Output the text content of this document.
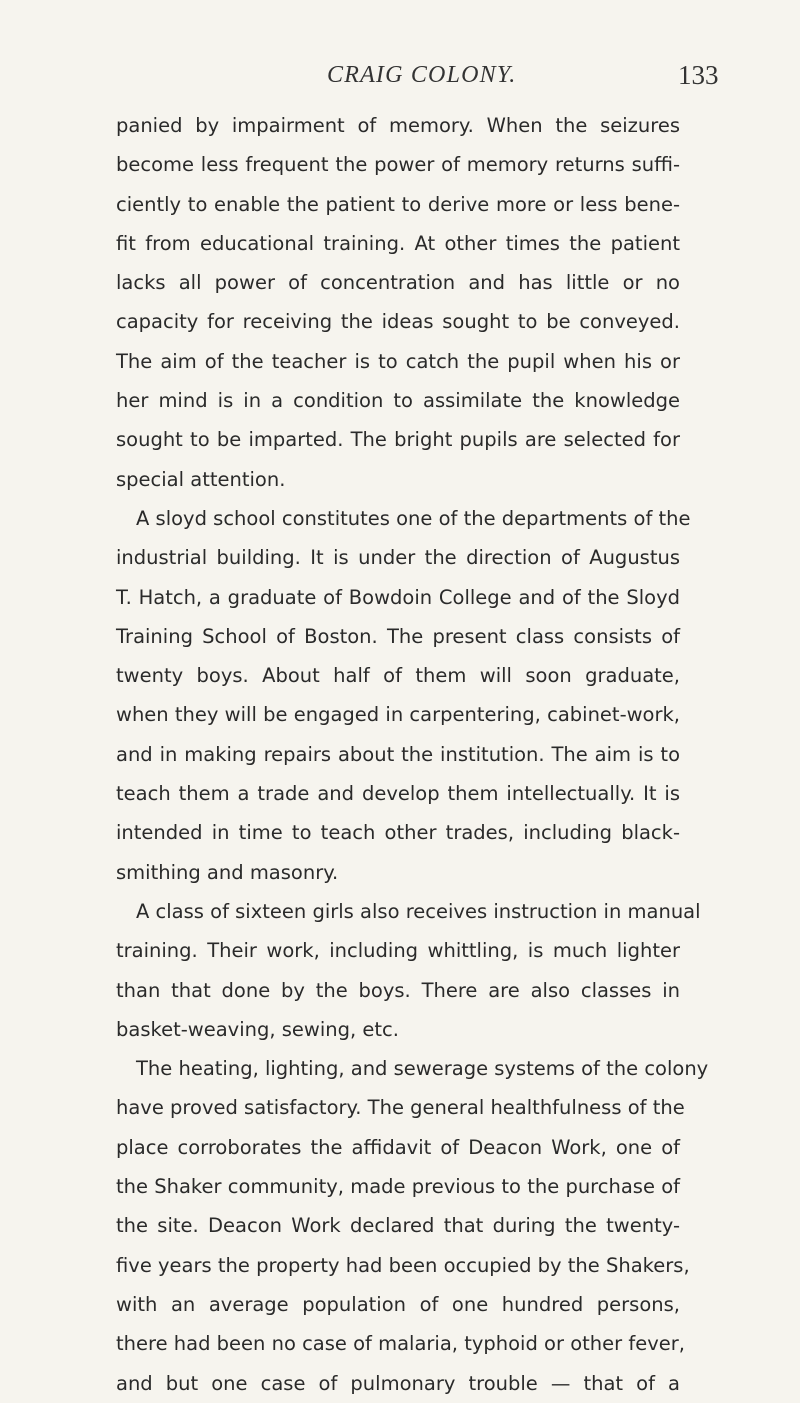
CRAIG COLONY.	133
panied by impairment of memory. When the seizures
become less frequent the power of memory returns suffi-
ciently to enable the patient to derive more or less bene-
fit from educational training. At other times the patient
lacks all power of concentration and has little or no
capacity for receiving the ideas sought to be conveyed.
The aim of the teacher is to catch the pupil when his or
her mind is in a condition to assimilate the knowledge
sought to be imparted. The bright pupils are selected for
special attention.
A sloyd school constitutes one of the departments of the
industrial building. It is under the direction of Augustus
T. Hatch, a graduate of Bowdoin College and of the Sloyd
Training School of Boston. The present class consists of
twenty boys. About half of them will soon graduate,
when they will be engaged in carpentering, cabinet-work,
and in making repairs about the institution. The aim is to
teach them a trade and develop them intellectually. It is
intended in time to teach other trades, including black-
smithing and masonry.
A class of sixteen girls also receives instruction in manual
training. Their work, including whittling, is much lighter
than that done by the boys. There are also classes in
basket-weaving, sewing, etc.
The heating, lighting, and sewerage systems of the colony
have proved satisfactory. The general healthfulness of the
place corroborates the affidavit of Deacon Work, one of
the Shaker community, made previous to the purchase of
the site. Deacon Work declared that during the twenty-
five years the property had been occupied by the Shakers,
with an average population of one hundred persons,
there had been no case of malaria, typhoid or other fever,
and but one case of pulmonary trouble — that of a
